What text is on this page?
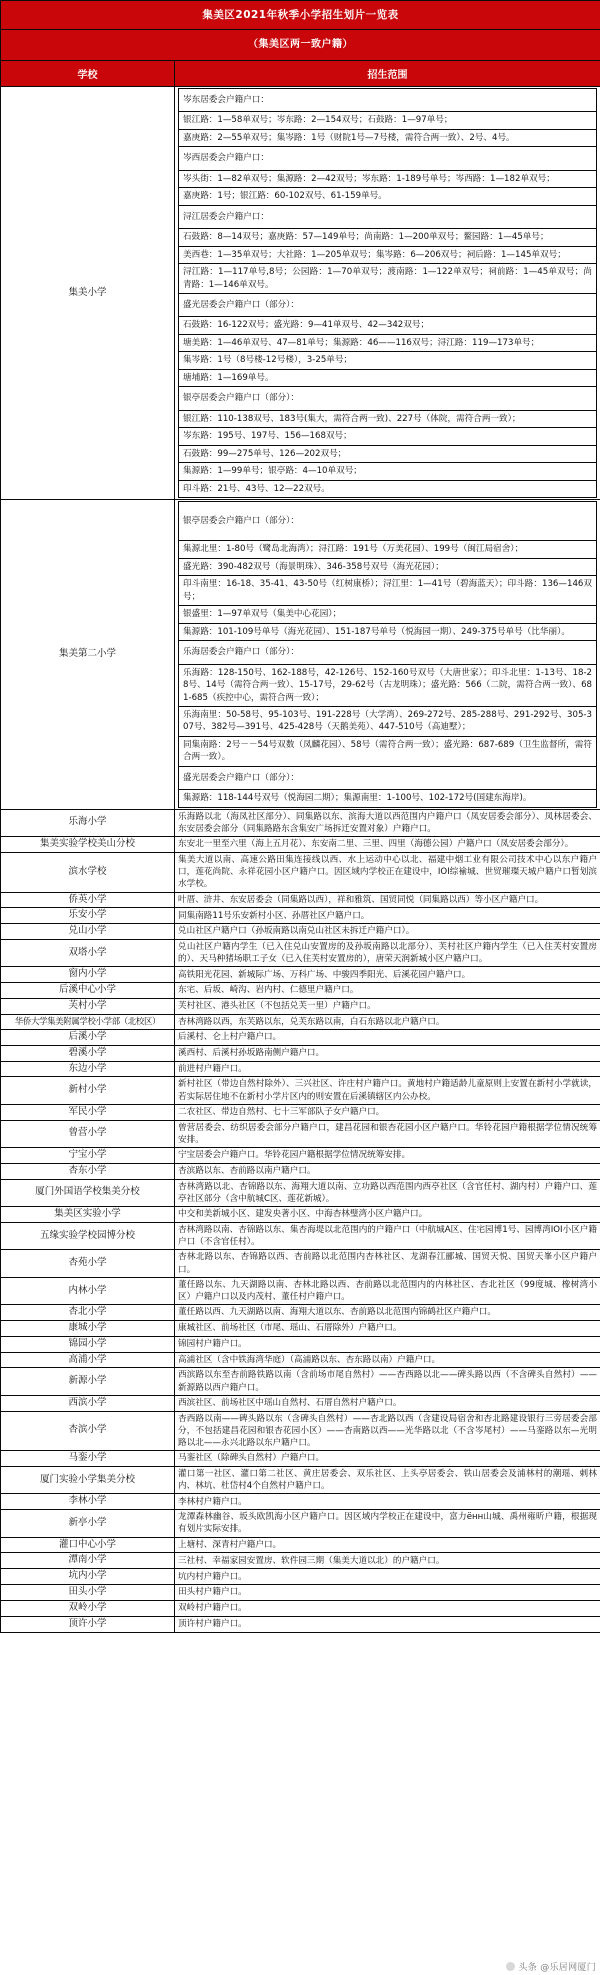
集美区2021年秋季小学招生划片一览表
（集美区两一致户籍）
学校	招生范围
集美小学	
岑东居委会户籍户口：
银江路：1—58单双号；岑东路：2—154双号；石鼓路：1—97单号；
嘉庚路：2—55单双号；集岑路：1号（财院1号—7号楼，需符合两一致）、2号、4号。
岑西居委会户籍户口：
岑头街：1—82单双号；集源路：2—42双号；岑东路：1-189号单号；岑西路：1—182单双号；
嘉庚路：1号；银江路：60-102双号、61-159单号。
浔江居委会户籍户口：
石鼓路：8—14双号；嘉庚路：57—149单号；尚南路：1—200单双号；鳌园路：1—45单号；
美西巷：1—35单双号；大社路：1—205单双号；集岑路：6—206双号；祠后路：1—145单双号；
浔江路：1—117单号,8号；公园路：1—70单双号；渡南路：1—122单双号；祠前路：1—45单双号；尚青路：1—146单双号。
盛光居委会户籍户口（部分）：
石鼓路：16-122双号；盛光路：9—41单双号、42—342双号；
塘美路：1—46单双号、47—81单号；集源路：46——116双号；浔江路：119—173单号；
集岑路：1号（8号楼-12号楼），3-25单号；
塘埔路：1—169单号。
银亭居委会户籍户口（部分）：
银江路：110-138双号、183号(集大，需符合两一致)、227号（体院，需符合两一致）；
岑东路：195号、197号、156—168双号；
石鼓路：99—275单号、126—202双号；
集源路：1—99单号；银亭路：4—10单双号；
印斗路：21号、43号、12—22双号。

集美第二小学	
银亭居委会户籍户口（部分）：
集源北里：1-80号（鹭岛北海湾）；浔江路：191号（万美花园）、199号（闽江局宿舍）；
盛光路：390-482双号（海景明珠）、346-358号双号（海光花园）；
印斗南里：16-18、35-41、43-50号（红树康桥）；浔江里：1—41号（碧海蓝天）；印斗路：136—146双号；
银盛里：1—97单双号（集美中心花园）；
集源路：101-109号单号（海光花园）、151-187号单号（悦海园一期）、249-375号单号（比华丽）。
乐海居委会户籍户口（部分）：
乐海路：128-150号、162-188号，42-126号、152-160号双号（大唐世家）；印斗北里：1-13号、18-28号、14号（需符合两一致）、15-17号，29-62号（古龙明珠）；盛光路：566（二院，需符合两一致）、681-685（疾控中心，需符合两一致）；
乐海南里：50-58号、95-103号、191-228号（大学湾）、269-272号、285-288号、291-292号、305-307号、382号—391号、425-428号（天鹅美苑）、447-510号（高迪墅）；
同集南路：2号－－54号双数（凤麟花园）、58号（需符合两一致）；盛光路：687-689（卫生监督所，需符合两一致）。
盛光居委会户籍户口（部分）：
集源路：118-144号双号（悦海园二期）；集源南里：1-100号、102-172号(国建东海岸)。

乐海小学	乐海路以北（海凤社区部分）、同集路以东、滨海大道以西范围内户籍户口（凤安居委会部分）、凤林居委会、东安居委会部分（同集路路东含集安广场拆迁安置对象）户籍户口。
集美实验学校美山分校	东安北一里至六里（海上五月花）、东安南二里、三里、四里（海德公园）户籍户口（凤安居委会部分）。
滨水学校	集美大道以南、高速公路田集连接线以西、水上运动中心以北、福建中烟工业有限公司技术中心以东户籍户口，莲花尚院、永祥花园小区户籍户口。因区域内学校正在建设中，IOI综褕城、世贸璀璨天城户籍户口暂划滨水学校。
侨英小学	叶厝、浒井、东安居委会（同集路以西），祥和雅筑、国贸同悦（同集路以西）等小区户籍户口。
乐安小学	同集南路11号乐安新村小区、孙厝社区户籍户口。
兑山小学	兑山社区户籍户口（孙坂南路以南兑山社区未拆迁户籍户口）。
双塔小学	兑山社区户籍内学生（已入住兑山安置房的及孙坂南路以北部分）、芙村社区户籍内学生（已入住芙村安置房的）、天马种猪场职工子女（已入住芙村安置房的），唐荣天润新城小区户籍户口。
窗内小学	高铁阳光花园、新城际广场、万科广场、中骏四季阳光、后溪花园户籍户口。
后溪中心小学	东宅、后坂、崎沟、岩内村、仁德里户籍户口。
芙村小学	芙村社区、港头社区（不包括兑芙一里）户籍户口。
华侨大学集美附属学校小学部（北校区）	杏林湾路以西，东芙路以东，兑芙东路以南，白石东路以北户籍户口。
后溪小学	后溪村、仑上村户籍户口。
碧溪小学	溪西村、后溪村孙坂路南侧户籍户口。
东边小学	前进村户籍户口。
新村小学	新村社区（带边自然村除外）、三兴社区、许庄村户籍户口。黄地村户籍适龄儿童原则上安置在新村小学就读，若实际居住地不在新村小学片区内的则安置在后溪镇辖区内公办校。
军民小学	二农社区、带边自然村、七十三军部队子女户籍户口。
曾营小学	曾营居委会、纺织居委会部分户籍户口，建昌花园和银杏花园小区户籍户口。华铃花园户籍根据学位情况统筹安排。
宁宝小学	宁宝居委会户籍户口。华铃花园户籍根据学位情况统筹安排。
杏东小学	杏滨路以东、杏前路以南户籍户口。
厦门外国语学校集美分校	杏林湾路以北、杏锦路以东、海翔大道以南、立功路以西范围内西亭社区（含官任村、湖内村）户籍户口、莲亭社区部分（含中航城C区、莲花新城）。
集美区实验小学	中交和美新城小区、建发央著小区、中海杏林璧湾小区户籍户口。
五缘实验学校园博分校	杏林湾路以南、杏锦路以东、集杏海堤以北范围内的户籍户口（中航城A区、住宅园博1号、园博湾IOI小区户籍户口（不含官任村）。
杏苑小学	杏林北路以东、杏锦路以西、杏前路以北范围内杏林社区、龙湖春江郦城、国贸天悦、国贸天峯小区户籍户口。
内林小学	董任路以东、九天湖路以南、杏林北路以西、杏前路以北范围内的内林社区、杏北社区（99度城、橡树湾小区）户籍户口以及内茂村、董任村户籍户口。
杏北小学	董任路以西、九天湖路以南、海翔大道以东、杏前路以北范围内锦鹤社区户籍户口。
康城小学	康城社区、前场社区（市尾、瑶山、石厝除外）户籍户口。
锦园小学	锦园村户籍户口。
高浦小学	高浦社区（含中铁海湾华庭）（高浦路以东、杏东路以南）户籍户口。
新源小学	西滨路以东至杏前路铁路以南（含前场市尾自然村）——杏西路以北——碑头路以西（不含碑头自然村）——新源路以西户籍户口。
西滨小学	西滨社区、前场社区中瑶山自然村、石厝自然村户籍户口。
杏滨小学	杏西路以南——碑头路以东（含碑头自然村）——杏北路以西（含建设局宿舍和杏北路建设银行三旁居委会部分，不包括建昌花园和银杏花园小区）——杏南路以西——光华路以北（不含岑尾村）——马銮路以东—光明路以北——永兴北路以东户籍户口。
马銮小学	马銮社区（除碑头自然村）户籍户口。
厦门实验小学集美分校	灌口第一社区、灌口第二社区、黄庄居委会、双乐社区、上头亭居委会、铁山居委会及浦林村的潮瑶、剌林内、林坑、杜岱村4个自然村户籍户口。
李林小学	李林村户籍户口。
新亭小学	龙潭森林幽谷、坂头欧凯海小区户籍户口。因区域内学校正在建设中，富力ённ山城、禹州雍昕户籍，根据现有划片实际安排。
灌口中心小学	上塘村、深青村户籍户口。
潭南小学	三社村、幸福家园安置房、软件园三期（集美大道以北）的户籍户口。
坑内小学	坑内村户籍户口。
田头小学	田头村户籍户口。
双岭小学	双岭村户籍户口。
顶许小学	顶许村户籍户口。
头条 @乐居网厦门
